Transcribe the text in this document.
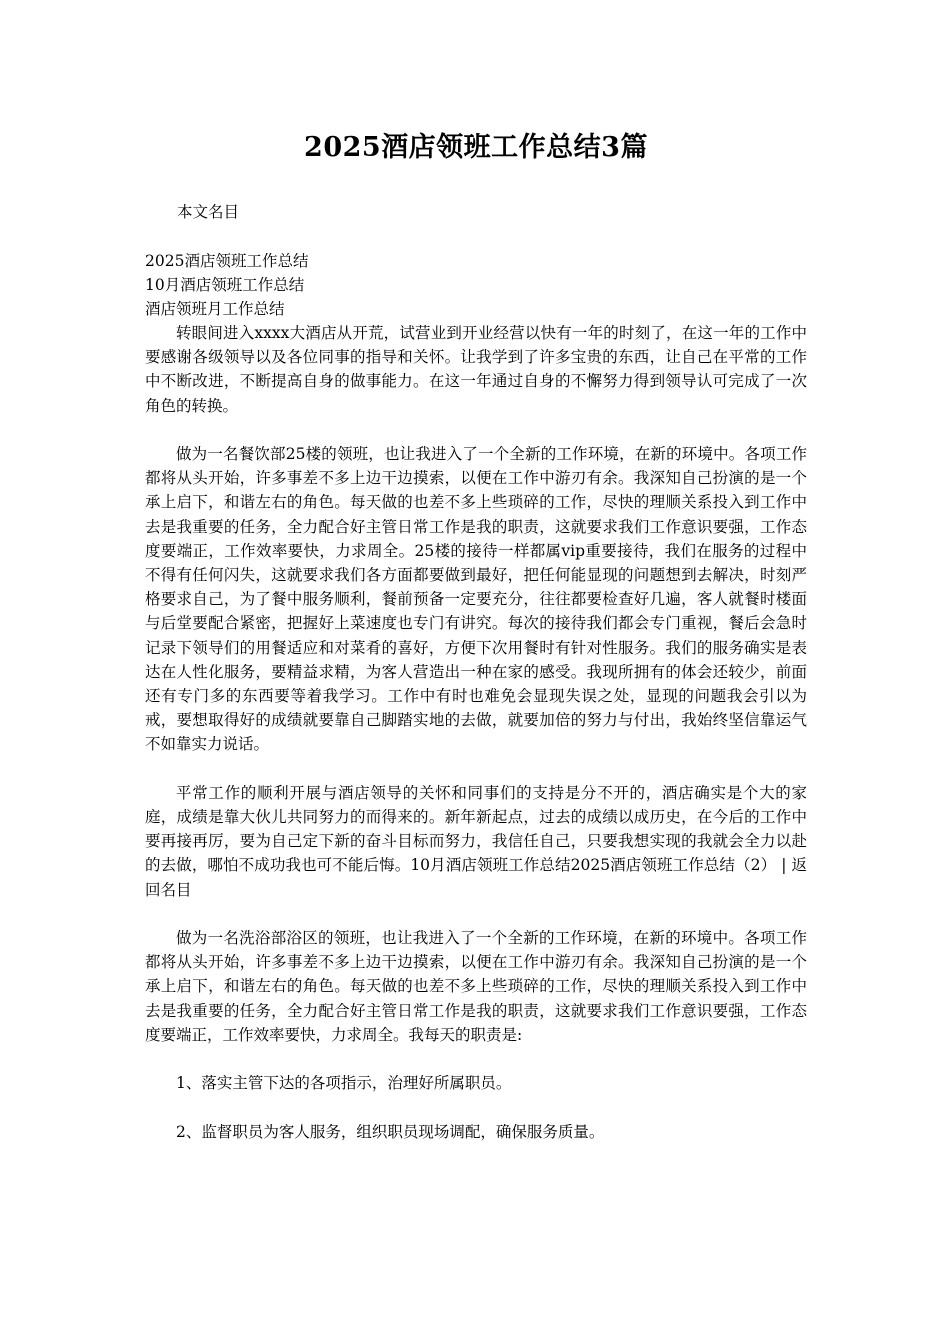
2025酒店领班工作总结3篇
本文名目
2025酒店领班工作总结
10月酒店领班工作总结
酒店领班月工作总结

转眼间进入xxxx大酒店从开荒，试营业到开业经营以快有一年的时刻了，在这一年的工作中要感谢各级领导以及各位同事的指导和关怀。让我学到了许多宝贵的东西，让自己在平常的工作中不断改进，不断提高自身的做事能力。在这一年通过自身的不懈努力得到领导认可完成了一次角色的转换。

做为一名餐饮部25楼的领班，也让我进入了一个全新的工作环境，在新的环境中。各项工作都将从头开始，许多事差不多上边干边摸索，以便在工作中游刃有余。我深知自己扮演的是一个承上启下，和谐左右的角色。每天做的也差不多上些琐碎的工作，尽快的理顺关系投入到工作中去是我重要的任务，全力配合好主管日常工作是我的职责，这就要求我们工作意识要强，工作态度要端正，工作效率要快，力求周全。25楼的接待一样都属vip重要接待，我们在服务的过程中不得有任何闪失，这就要求我们各方面都要做到最好，把任何能显现的问题想到去解决，时刻严格要求自己，为了餐中服务顺利，餐前预备一定要充分，往往都要检查好几遍，客人就餐时楼面与后堂要配合紧密，把握好上菜速度也专门有讲究。每次的接待我们都会专门重视，餐后会急时记录下领导们的用餐适应和对菜肴的喜好，方便下次用餐时有针对性服务。我们的服务确实是表达在人性化服务，要精益求精，为客人营造出一种在家的感受。我现所拥有的体会还较少，前面还有专门多的东西要等着我学习。工作中有时也难免会显现失误之处，显现的问题我会引以为戒，要想取得好的成绩就要靠自己脚踏实地的去做，就要加倍的努力与付出，我始终坚信靠运气不如靠实力说话。

平常工作的顺利开展与酒店领导的关怀和同事们的支持是分不开的，酒店确实是个大的家庭，成绩是靠大伙儿共同努力的而得来的。新年新起点，过去的成绩以成历史，在今后的工作中要再接再厉，要为自己定下新的奋斗目标而努力，我信任自己，只要我想实现的我就会全力以赴的去做，哪怕不成功我也可不能后悔。10月酒店领班工作总结2025酒店领班工作总结（2） | 返回名目

做为一名洗浴部浴区的领班，也让我进入了一个全新的工作环境，在新的环境中。各项工作都将从头开始，许多事差不多上边干边摸索，以便在工作中游刃有余。我深知自己扮演的是一个承上启下，和谐左右的角色。每天做的也差不多上些琐碎的工作，尽快的理顺关系投入到工作中去是我重要的任务，全力配合好主管日常工作是我的职责，这就要求我们工作意识要强，工作态度要端正，工作效率要快，力求周全。我每天的职责是:

1、落实主管下达的各项指示，治理好所属职员。

2、监督职员为客人服务，组织职员现场调配，确保服务质量。
